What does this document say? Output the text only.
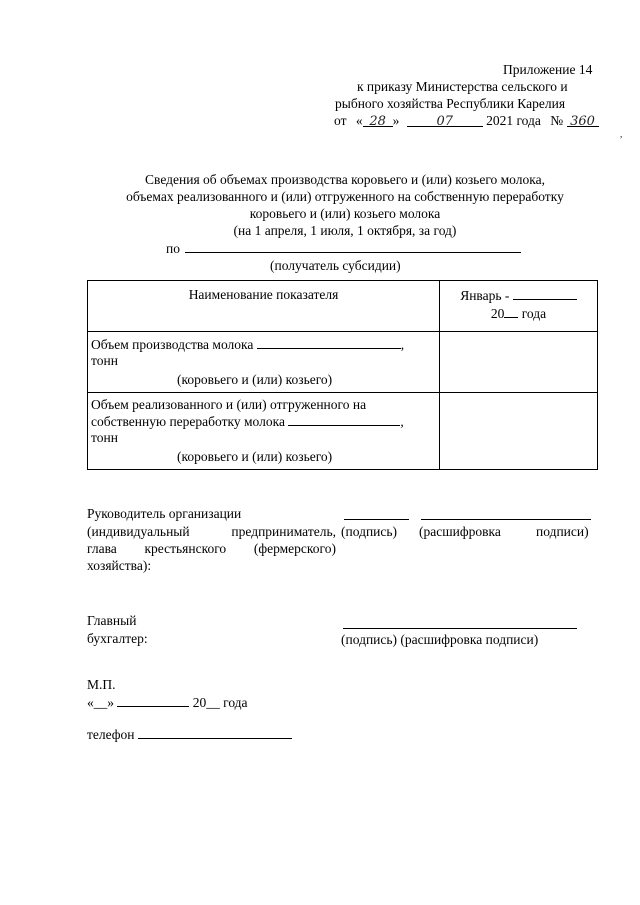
Приложение 14
к приказу Министерства сельского и
рыбного хозяйства Республики Карелия
от « 28 »	07 2021 года № 360
,
Сведения об объемах производства коровьего и (или) козьего молока,
объемах реализованного и (или) отгруженного на собственную переработку
коровьего и (или) козьего молока
(на 1 апреля, 1 июля, 1 октября, за год)
по
(получатель субсидии)
Наименование показателя	Январь -
20 года

Объем производства молока ,
тонн
(коровьего и (или) козьего)	

Объем реализованного и (или) отгруженного на
собственную переработку молока ,
тонн
(коровьего и (или) козьего)	

Руководитель организации
(индивидуальный предприниматель,
глава крестьянского (фермерского)
хозяйства):
(подпись) (расшифровка	подписи)
Главный
бухгалтер:	(подпись) (расшифровка подписи)
М.П.
«__»	20__ года
телефон
